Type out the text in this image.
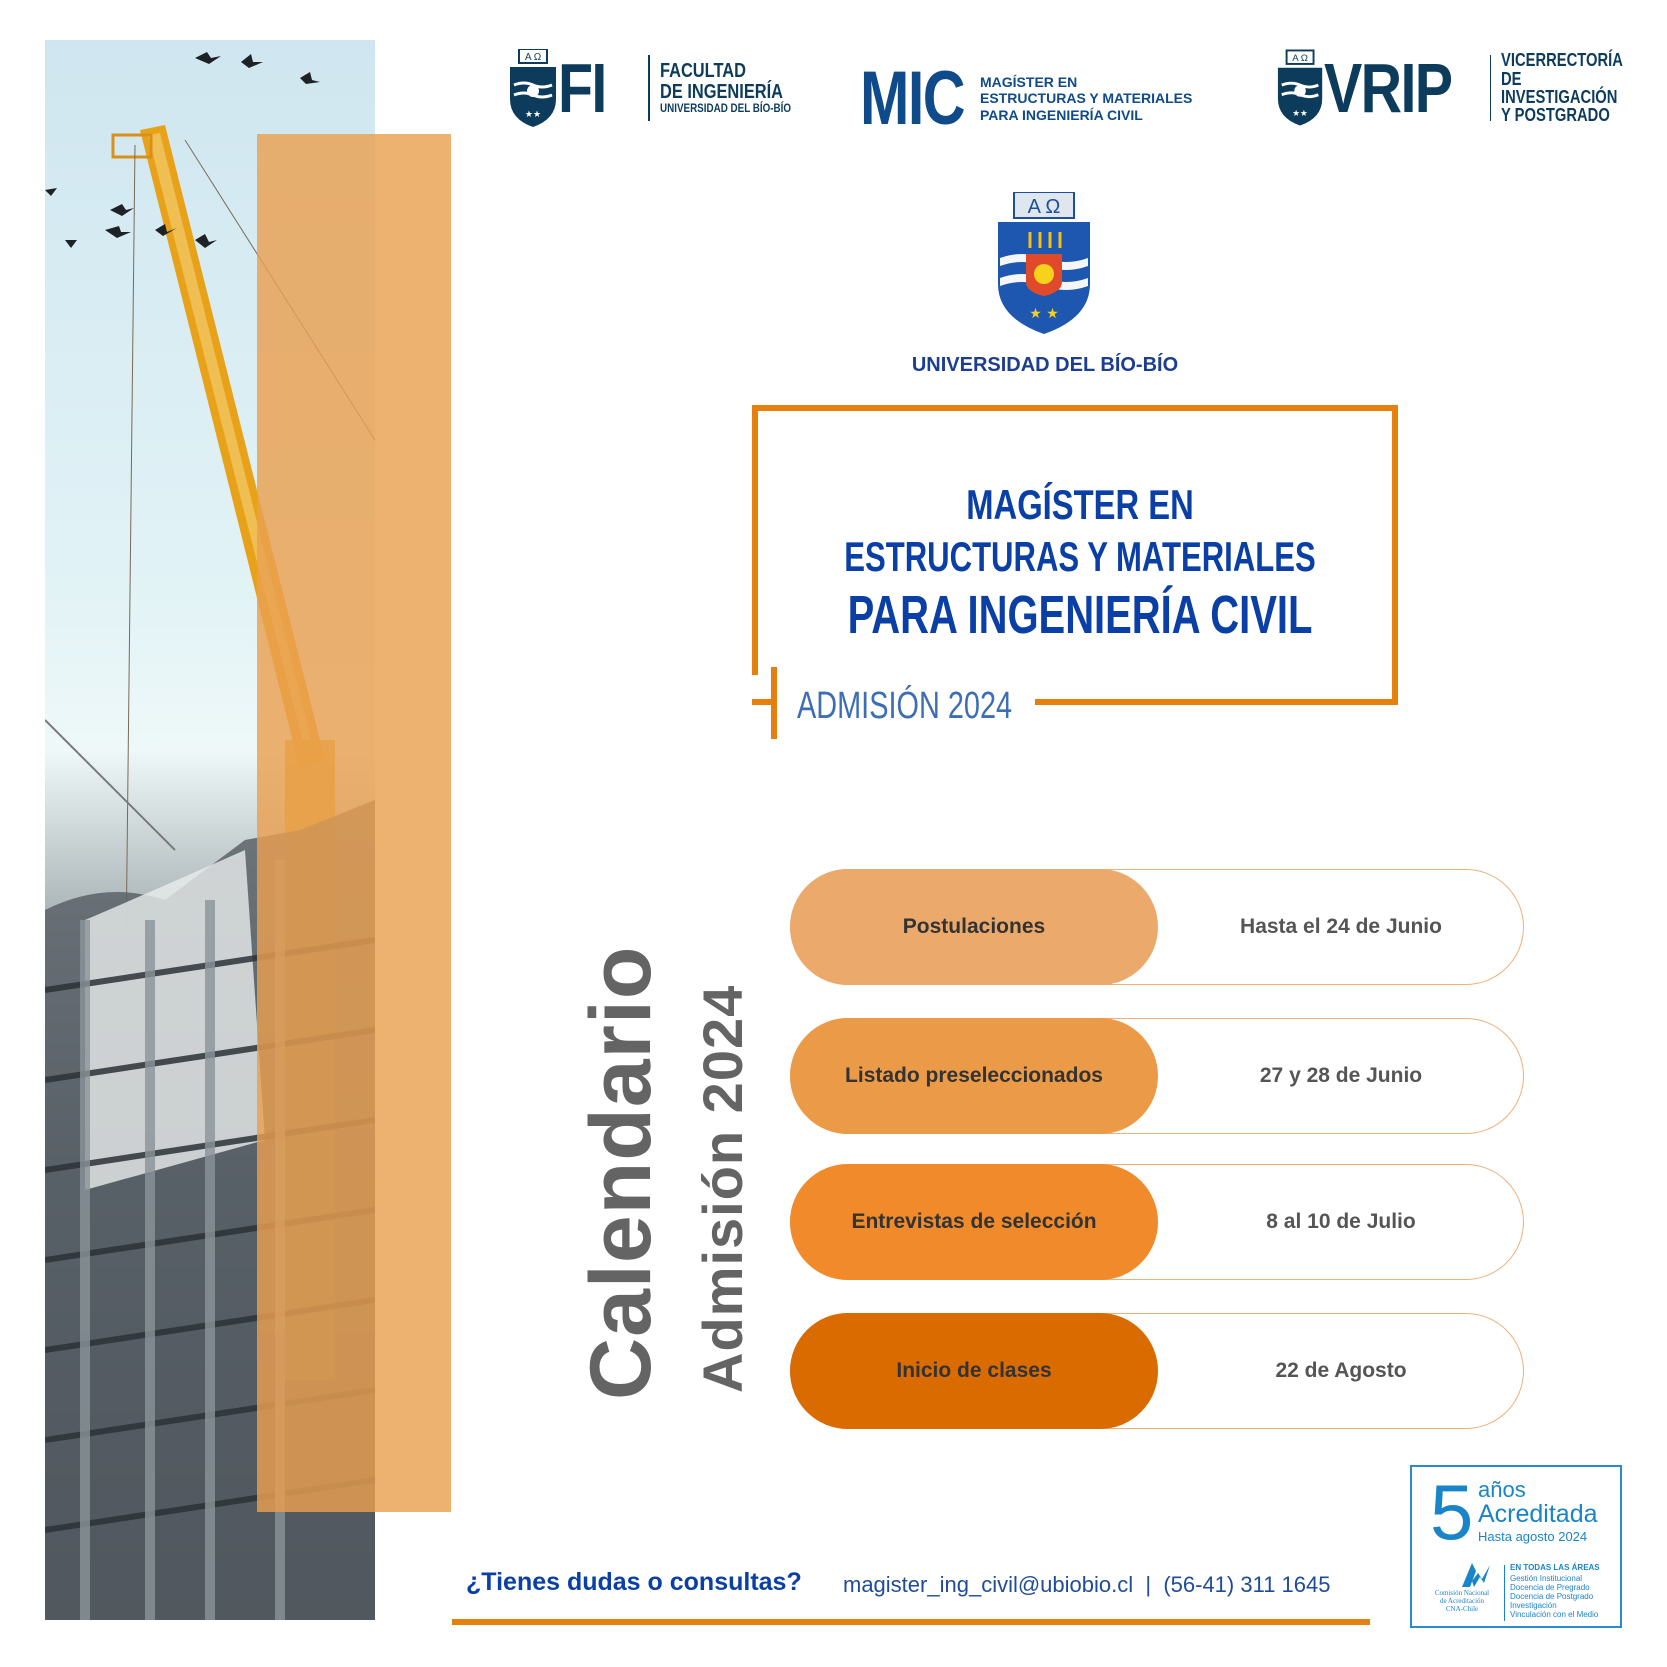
A Ω
★★ FI	FACULTAD
DE INGENIERÍA
UNIVERSIDAD DEL BÍO-BÍO MIC MAGÍSTER EN
ESTRUCTURAS Y MATERIALES
PARA INGENIERÍA CIVIL
A Ω
★★ VRIP	VICERRECTORÍA
DE INVESTIGACIÓN
Y POSTGRADO
A Ω
★ ★
UNIVERSIDAD DEL BÍO-BÍO
MAGÍSTER EN
ESTRUCTURAS Y MATERIALES
PARA INGENIERÍA CIVIL
ADMISIÓN 2024
Calendario Admisión 2024
Postulaciones	Hasta el 24 de Junio
Listado preseleccionados	27 y 28 de Junio
Entrevistas de selección	8 al 10 de Julio
Inicio de clases	22 de Agosto
¿Tienes dudas o consultas? magister_ing_civil@ubiobio.cl | (56-41) 311 1645
5 años
Acreditada
Hasta agosto 2024
Comisión Nacional
de Acreditación
CNA-Chile
EN TODAS LAS ÁREAS
Gestión Institucional
Docencia de Pregrado
Docencia de Postgrado
Investigación
Vinculación con el Medio
